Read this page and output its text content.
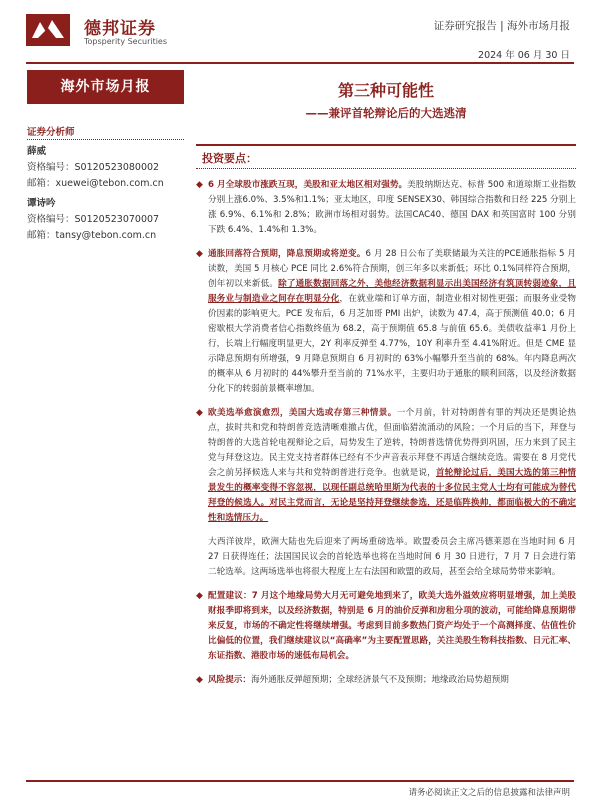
德邦证券
Topsperity Securities
证券研究报告 | 海外市场月报
2024 年 06 月 30 日
海外市场月报
证券分析师
薛威
资格编号：S0120523080002
邮箱：xuewei@tebon.com.cn
谭诗吟
资格编号：S0120523070007
邮箱：tansy@tebon.com.cn
第三种可能性
——兼评首轮辩论后的大选逃清
投资要点：

◆ 6 月全球股市涨跌互现，美股和亚太地区相对强势。美股纳斯达克、标普 500 和道琼斯工业指数分别上涨6.0%、3.5%和1.1%；亚太地区，印度 SENSEX30、韩国综合指数和日经 225 分别上涨 6.9%、6.1%和 2.8%；欧洲市场相对弱势。法国CAC40、德国 DAX 和英国富时 100 分别下跌 6.4%、1.4%和 1.3%。

◆ 通胀回落符合预期，降息预期或将逆变。6 月 28 日公布了美联储最为关注的PCE通胀指标 5 月读数，美国 5 月核心 PCE 同比 2.6%符合预期，创三年多以来新低；环比 0.1%同样符合预期，创年初以来新低。除了通胀数据回落之外，美他经济数据利显示出美国经济有筑顶转弱迹象，且服务业与制造业之间存在明显分化，在就业端和订单方面，制造业相对韧性更强；而服务业受物价因素的影响更大。PCE 发布后，6 月芝加哥 PMI 出炉，读数为 47.4，高于预测值 40.0；6 月密歇根大学消费者信心指数终值为 68.2，高于预期值 65.8 与前值 65.6。美债收益率1 月份上行，长端上行幅度明显更大，2Y 利率反弹至 4.77%，10Y 利率升至 4.41%附近。但是 CME 显示降息预期有所增强，9 月降息预期自 6 月初时的 63%小幅攀升至当前的 68%。年内降息两次的概率从 6 月初时的 44%攀升至当前的 71%水平，主要归功于通胀的顺利回落，以及经济数据分化下的转弱前景概率增加。

◆ 欧美选举愈演愈烈，美国大选或存第三种情景。一个月前，针对特朗普有罪的判决还是舆论热点，拔时共和党和特朗普竞选清晰难撤占优，但面临猎流涌动的风险；一个月后的当下，拜登与特朗普的大选首轮电视辩论之后，局势发生了逆转，特朗普选情优势得到巩固，压力来到了民主党与拜登这边。民主党支持者群体已经有不少声音表示拜登不再适合继续竞选。需要在 8 月党代会之前另择候选人来与共和党特朗普进行竞争。也就是说，首轮辩论过后，美国大选的第三种情景发生的概率变得不容忽视，以现任副总统哈里斯为代表的十多位民主党人士均有可能成为替代拜登的候选人。对民主党而言，无论是坚持拜登继续参选，还是临阵换帅，都面临极大的不确定性和选情压力。

大西洋彼岸，欧洲大陆也先后迎来了两场重磅选举。欧盟委员会主席冯德莱恩在当地时间 6 月 27 日获得连任；法国国民议会的首轮选举也将在当地时间 6 月 30 日进行，7 月 7 日会进行第二轮选举。这两场选举也将很大程度上左右法国和欧盟的政局，甚至会给全球局势带来影响。

◆ 配置建议：7 月这个地缘局势大月无可避免地到来了，欧美大选外溢效应将明显增强，加上美股财报季即将到来，以及经济数据，特别是 6 月的油价反弹和房租分项的波动，可能给降息预期带来反复，市场的不确定性将继续增强。考虑到目前多数热门资产均处于一个高测择度、估值性价比偏低的位置，我们继续建议以“高确率”为主要配置思路，关注美股生物科技指数、日元汇率、东证指数、港股市场的速低布局机会。

◆ 风险提示：海外通胀反弹超预期；全球经济景气不及预期；地缘政治局势超预期

请务必阅读正文之后的信息披露和法律声明
